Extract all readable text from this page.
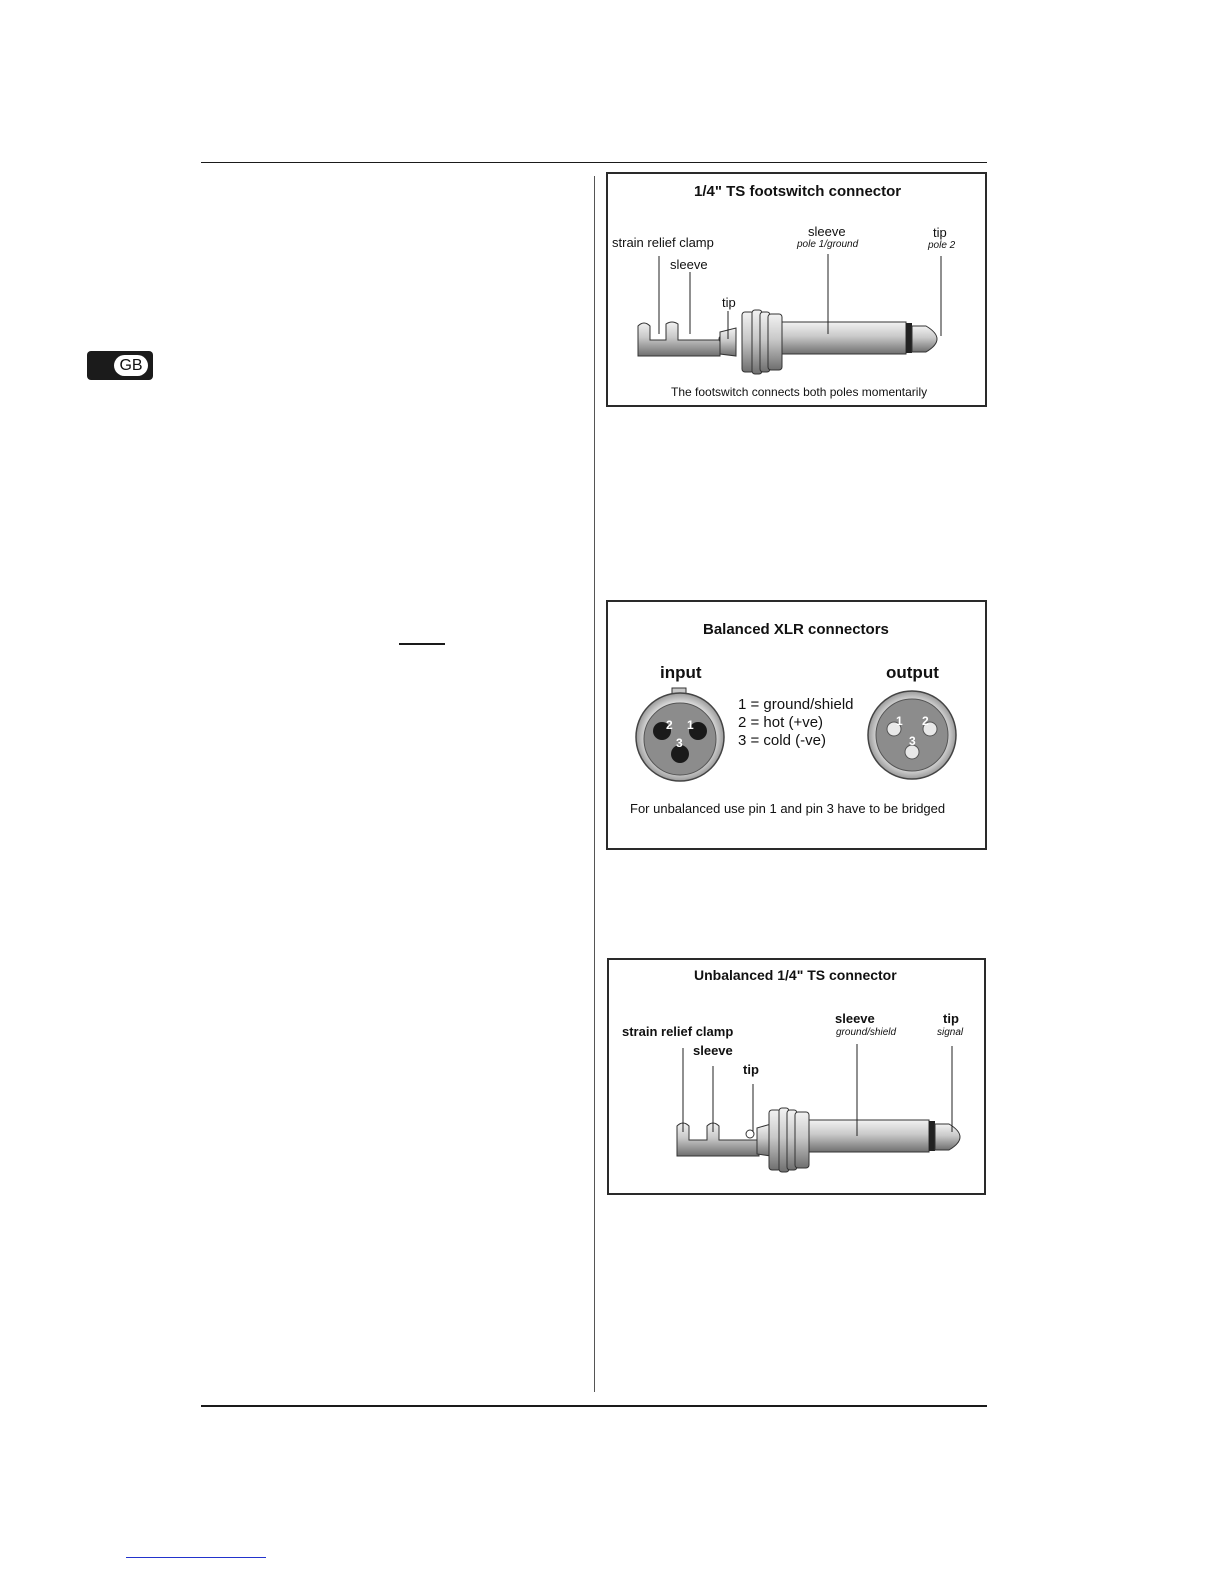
GB
1/4" TS footswitch connector
strain relief clamp
sleeve
tip
sleeve
pole 1/ground
tip
pole 2
The footswitch connects both poles momentarily
Balanced XLR connectors
input	output
1 = ground/shield
2 = hot (+ve)
3 = cold (-ve)
2 1
3
1 2
3
For unbalanced use pin 1 and pin 3 have to be bridged
Unbalanced 1/4" TS connector
strain relief clamp
sleeve
tip
sleeve
ground/shield
tip
signal
